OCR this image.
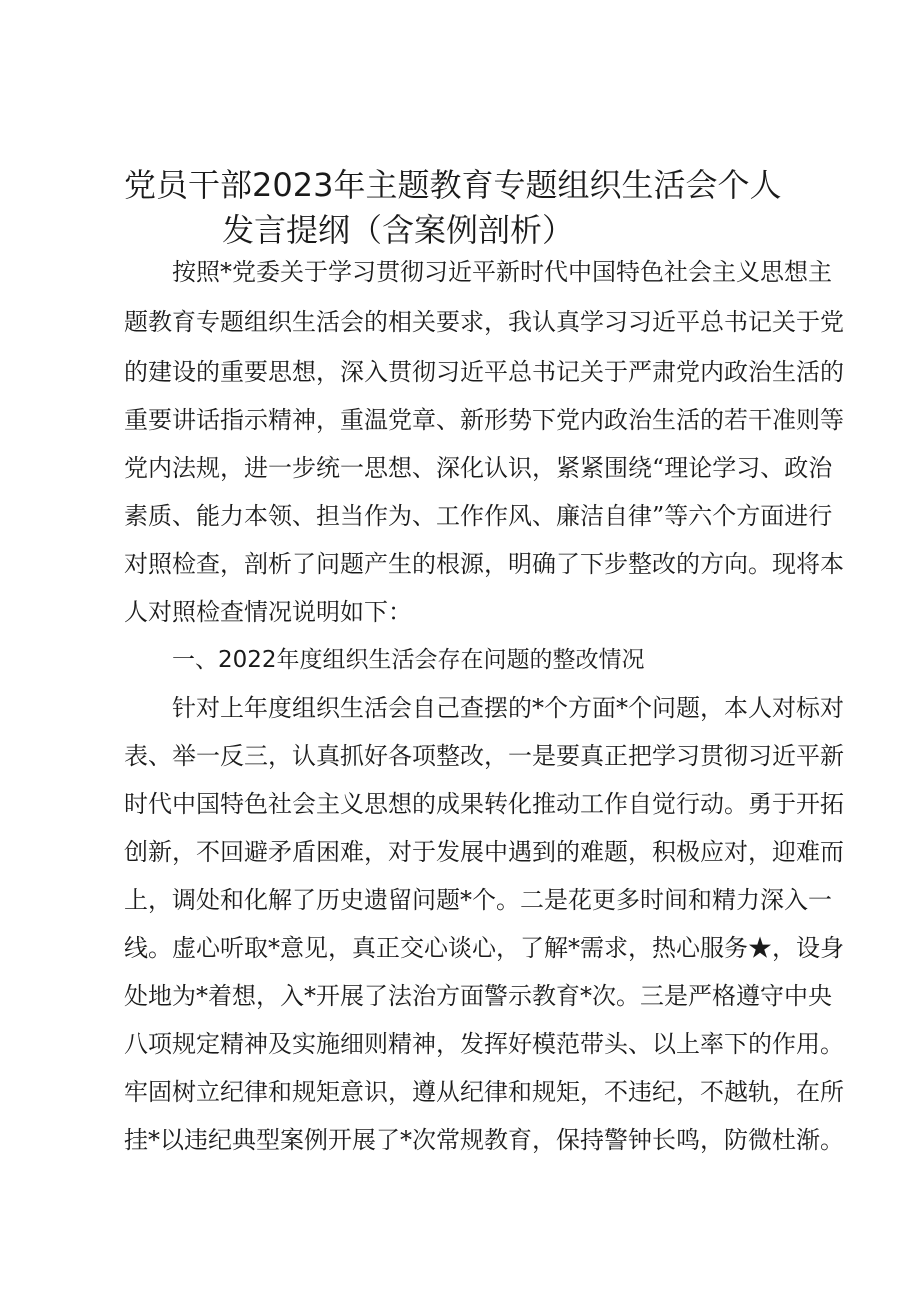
党员干部2023年主题教育专题组织生活会个人
发言提纲（含案例剖析）
按照*党委关于学习贯彻习近平新时代中国特色社会主义思想主
题教育专题组织生活会的相关要求，我认真学习习近平总书记关于党
的建设的重要思想，深入贯彻习近平总书记关于严肃党内政治生活的
重要讲话指示精神，重温党章、新形势下党内政治生活的若干准则等
党内法规，进一步统一思想、深化认识，紧紧围绕“理论学习、政治
素质、能力本领、担当作为、工作作风、廉洁自律”等六个方面进行
对照检查，剖析了问题产生的根源，明确了下步整改的方向。现将本
人对照检查情况说明如下：
一、2022年度组织生活会存在问题的整改情况
针对上年度组织生活会自己查摆的*个方面*个问题，本人对标对
表、举一反三，认真抓好各项整改，一是要真正把学习贯彻习近平新
时代中国特色社会主义思想的成果转化推动工作自觉行动。勇于开拓
创新，不回避矛盾困难，对于发展中遇到的难题，积极应对，迎难而
上，调处和化解了历史遗留问题*个。二是花更多时间和精力深入一
线。虚心听取*意见，真正交心谈心，了解*需求，热心服务★，设身
处地为*着想，入*开展了法治方面警示教育*次。三是严格遵守中央
八项规定精神及实施细则精神，发挥好模范带头、以上率下的作用。
牢固树立纪律和规矩意识，遵从纪律和规矩，不违纪，不越轨，在所
挂*以违纪典型案例开展了*次常规教育，保持警钟长鸣，防微杜渐。
